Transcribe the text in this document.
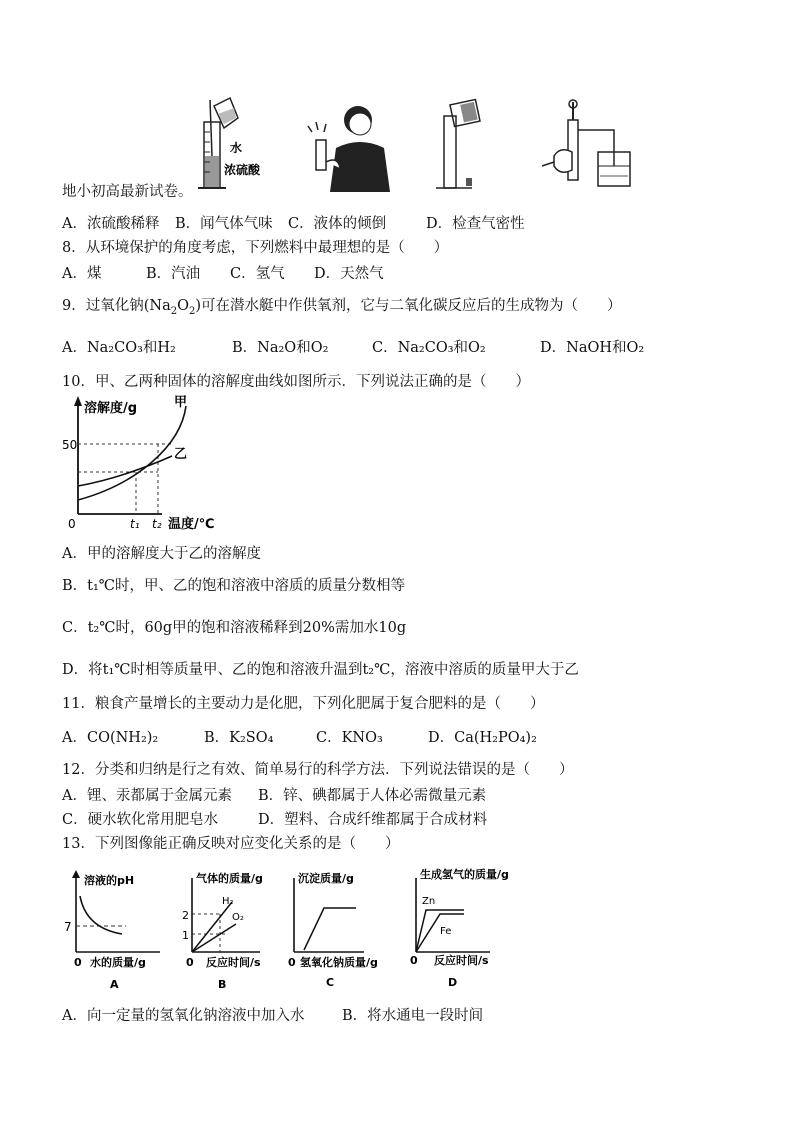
水
浓硫酸
地小初高最新试卷。
A．浓硫酸稀释 B．闻气体气味 C．液体的倾倒	D．检查气密性
8．从环境保护的角度考虑，下列燃料中最理想的是（　　）
A．煤	B．汽油 C．氢气 D．天然气
9．过氧化钠$(Na_2O_2)$可在潜水艇中作供氧剂，它与二氧化碳反应后的生成物为（　　）
A．Na₂CO₃和H₂	B．Na₂O和O₂	C．Na₂CO₃和O₂	D．NaOH和O₂
10．甲、乙两种固体的溶解度曲线如图所示．下列说法正确的是（　　）
溶解度/g
50
0	t₁ t₂ 温度/℃
甲
乙
A．甲的溶解度大于乙的溶解度
B．t₁℃时，甲、乙的饱和溶液中溶质的质量分数相等
C．t₂℃时，60g甲的饱和溶液稀释到20%需加水10g
D．将t₁℃时相等质量甲、乙的饱和溶液升温到t₂℃，溶液中溶质的质量甲大于乙
11．粮食产量增长的主要动力是化肥，下列化肥属于复合肥料的是（　　）
A．CO(NH₂)₂	B．K₂SO₄	C．KNO₃	D．Ca(H₂PO₄)₂
12．分类和归纳是行之有效、简单易行的科学方法．下列说法错误的是（　　）
A．锂、汞都属于金属元素 B．锌、碘都属于人体必需微量元素
C．硬水软化常用肥皂水	D．塑料、合成纤维都属于合成材料
13．下列图像能正确反映对应变化关系的是（　　）
溶液的pH
7
0 水的质量/g
A
气体的质量/g
2
1
H₂
O₂
0 反应时间/s
B
沉淀质量/g
0 氢氧化钠质量/g
C
生成氢气的质量/g
Zn
Fe
0 反应时间/s
D
A．向一定量的氢氧化钠溶液中加入水	B．将水通电一段时间
